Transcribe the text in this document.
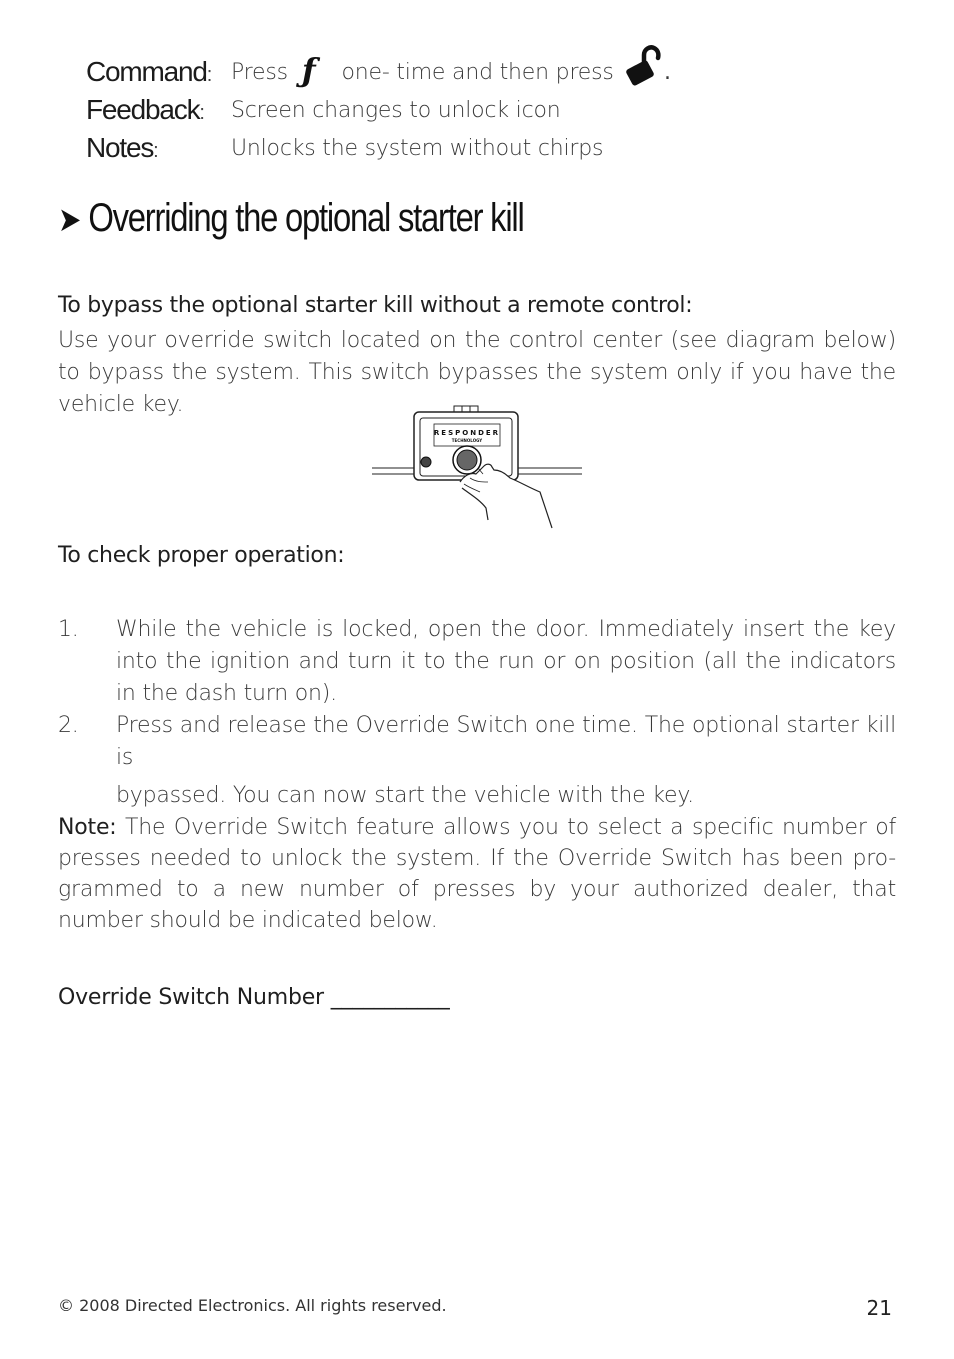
Command: Press ƒ one- time and then press .
Feedback: Screen changes to unlock icon
Notes:	Unlocks the system without chirps
➤ Overriding the optional starter kill
To bypass the optional starter kill without a remote control:
Use your override switch located on the control center (see diagram below) to bypass the system. This switch bypasses the system only if you have the vehicle key.
RESPONDER
TECHNOLOGY
To check proper operation:
1. While the vehicle is locked, open the door. Immediately insert the key into the ignition and turn it to the run or on position (all the indicators in the dash turn on).
2. Press and release the Override Switch one time. The optional starter kill is
bypassed. You can now start the vehicle with the key.
Note: The Override Switch feature allows you to select a specific number of presses needed to unlock the system. If the Override Switch has been pro-grammed to a new number of presses by your authorized dealer, that number should be indicated below.
Override Switch Number ___________
© 2008 Directed Electronics. All rights reserved.	21
